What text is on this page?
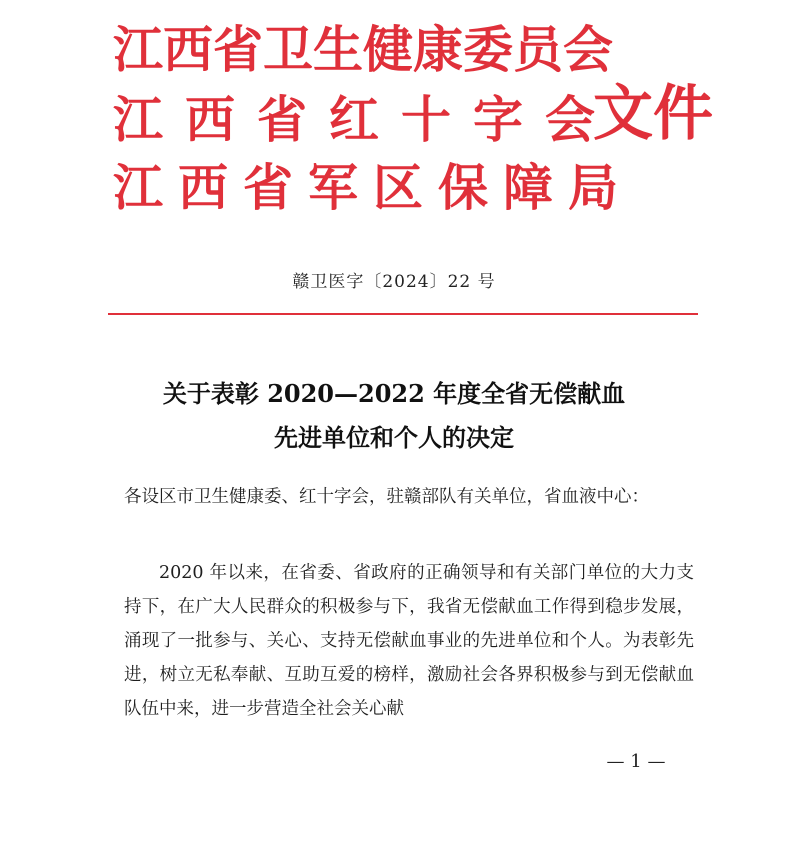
江西省卫生健康委员会
江西省红十字会
江西省军区保障局
文件
赣卫医字〔2024〕22 号
关于表彰 2020—2022 年度全省无偿献血
先进单位和个人的决定
各设区市卫生健康委、红十字会，驻赣部队有关单位，省血液中心：
2020 年以来，在省委、省政府的正确领导和有关部门单位的大力支持下，在广大人民群众的积极参与下，我省无偿献血工作得到稳步发展，涌现了一批参与、关心、支持无偿献血事业的先进单位和个人。为表彰先进，树立无私奉献、互助互爱的榜样，激励社会各界积极参与到无偿献血队伍中来，进一步营造全社会关心献
— 1 —
